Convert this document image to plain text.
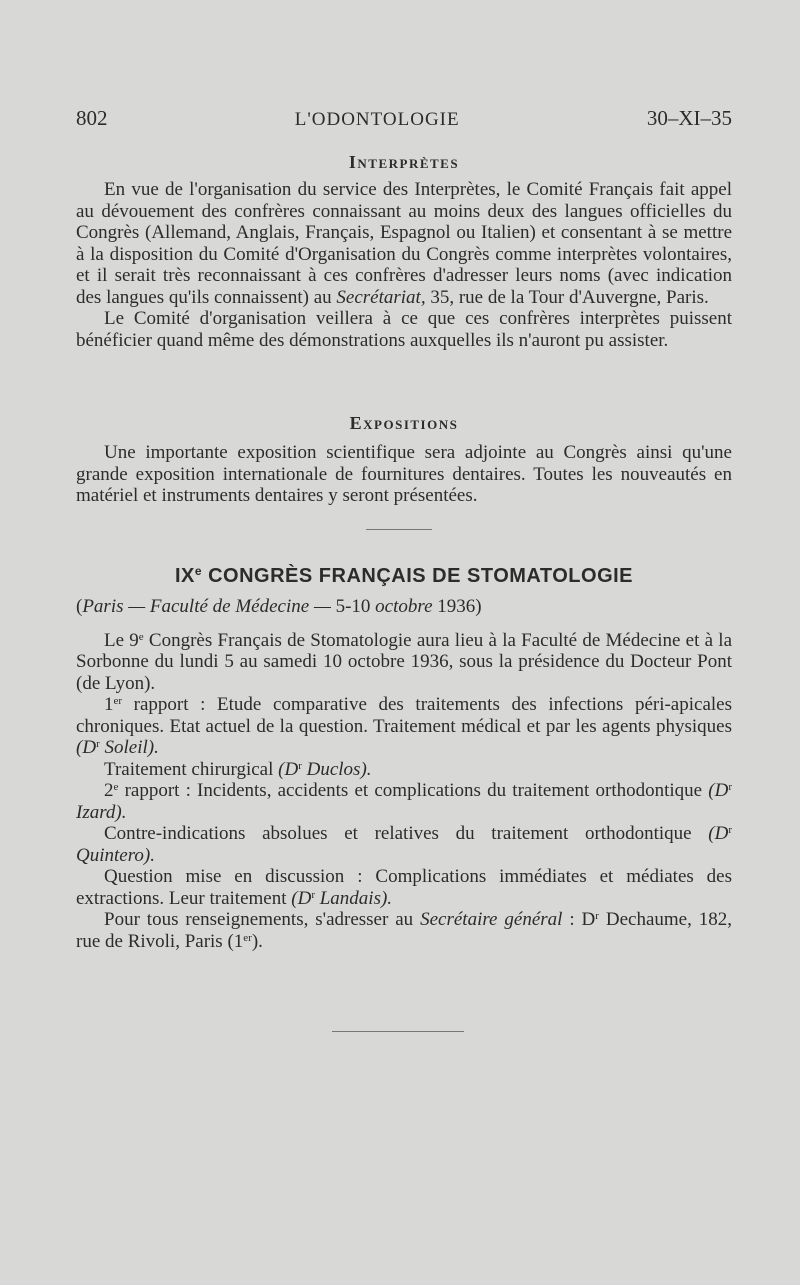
802	L'ODONTOLOGIE	30–XI–35
Interprètes

En vue de l'organisation du service des Interprètes, le Comité Français fait appel au dévouement des confrères connaissant au moins deux des langues officielles du Congrès (Allemand, Anglais, Français, Espagnol ou Italien) et consentant à se mettre à la disposition du Comité d'Organisation du Congrès comme interprètes volontaires, et il serait très reconnaissant à ces confrères d'adresser leurs noms (avec indication des langues qu'ils connaissent) au Secrétariat, 35, rue de la Tour d'Auvergne, Paris.

Le Comité d'organisation veillera à ce que ces confrères interprètes puissent bénéficier quand même des démonstrations auxquelles ils n'auront pu assister.

Expositions

Une importante exposition scientifique sera adjointe au Congrès ainsi qu'une grande exposition internationale de fournitures dentaires. Toutes les nouveautés en matériel et instruments dentaires y seront présentées.

IXe CONGRÈS FRANÇAIS DE STOMATOLOGIE

(Paris — Faculté de Médecine — 5-10 octobre 1936)

Le 9e Congrès Français de Stomatologie aura lieu à la Faculté de Médecine et à la Sorbonne du lundi 5 au samedi 10 octobre 1936, sous la présidence du Docteur Pont (de Lyon).

1er rapport : Etude comparative des traitements des infections péri-apicales chroniques. Etat actuel de la question. Traitement médical et par les agents physiques ($D^r$ Soleil).

Traitement chirurgical ($D^r$ Duclos).

2e rapport : Incidents, accidents et complications du traitement orthodontique ($D^r$ Izard).

Contre-indications absolues et relatives du traitement orthodontique ($D^r$ Quintero).

Question mise en discussion : Complications immédiates et médiates des extractions. Leur traitement ($D^r$ Landais).

Pour tous renseignements, s'adresser au Secrétaire général : $D^r$ Dechaume, 182, rue de Rivoli, Paris (1er).
